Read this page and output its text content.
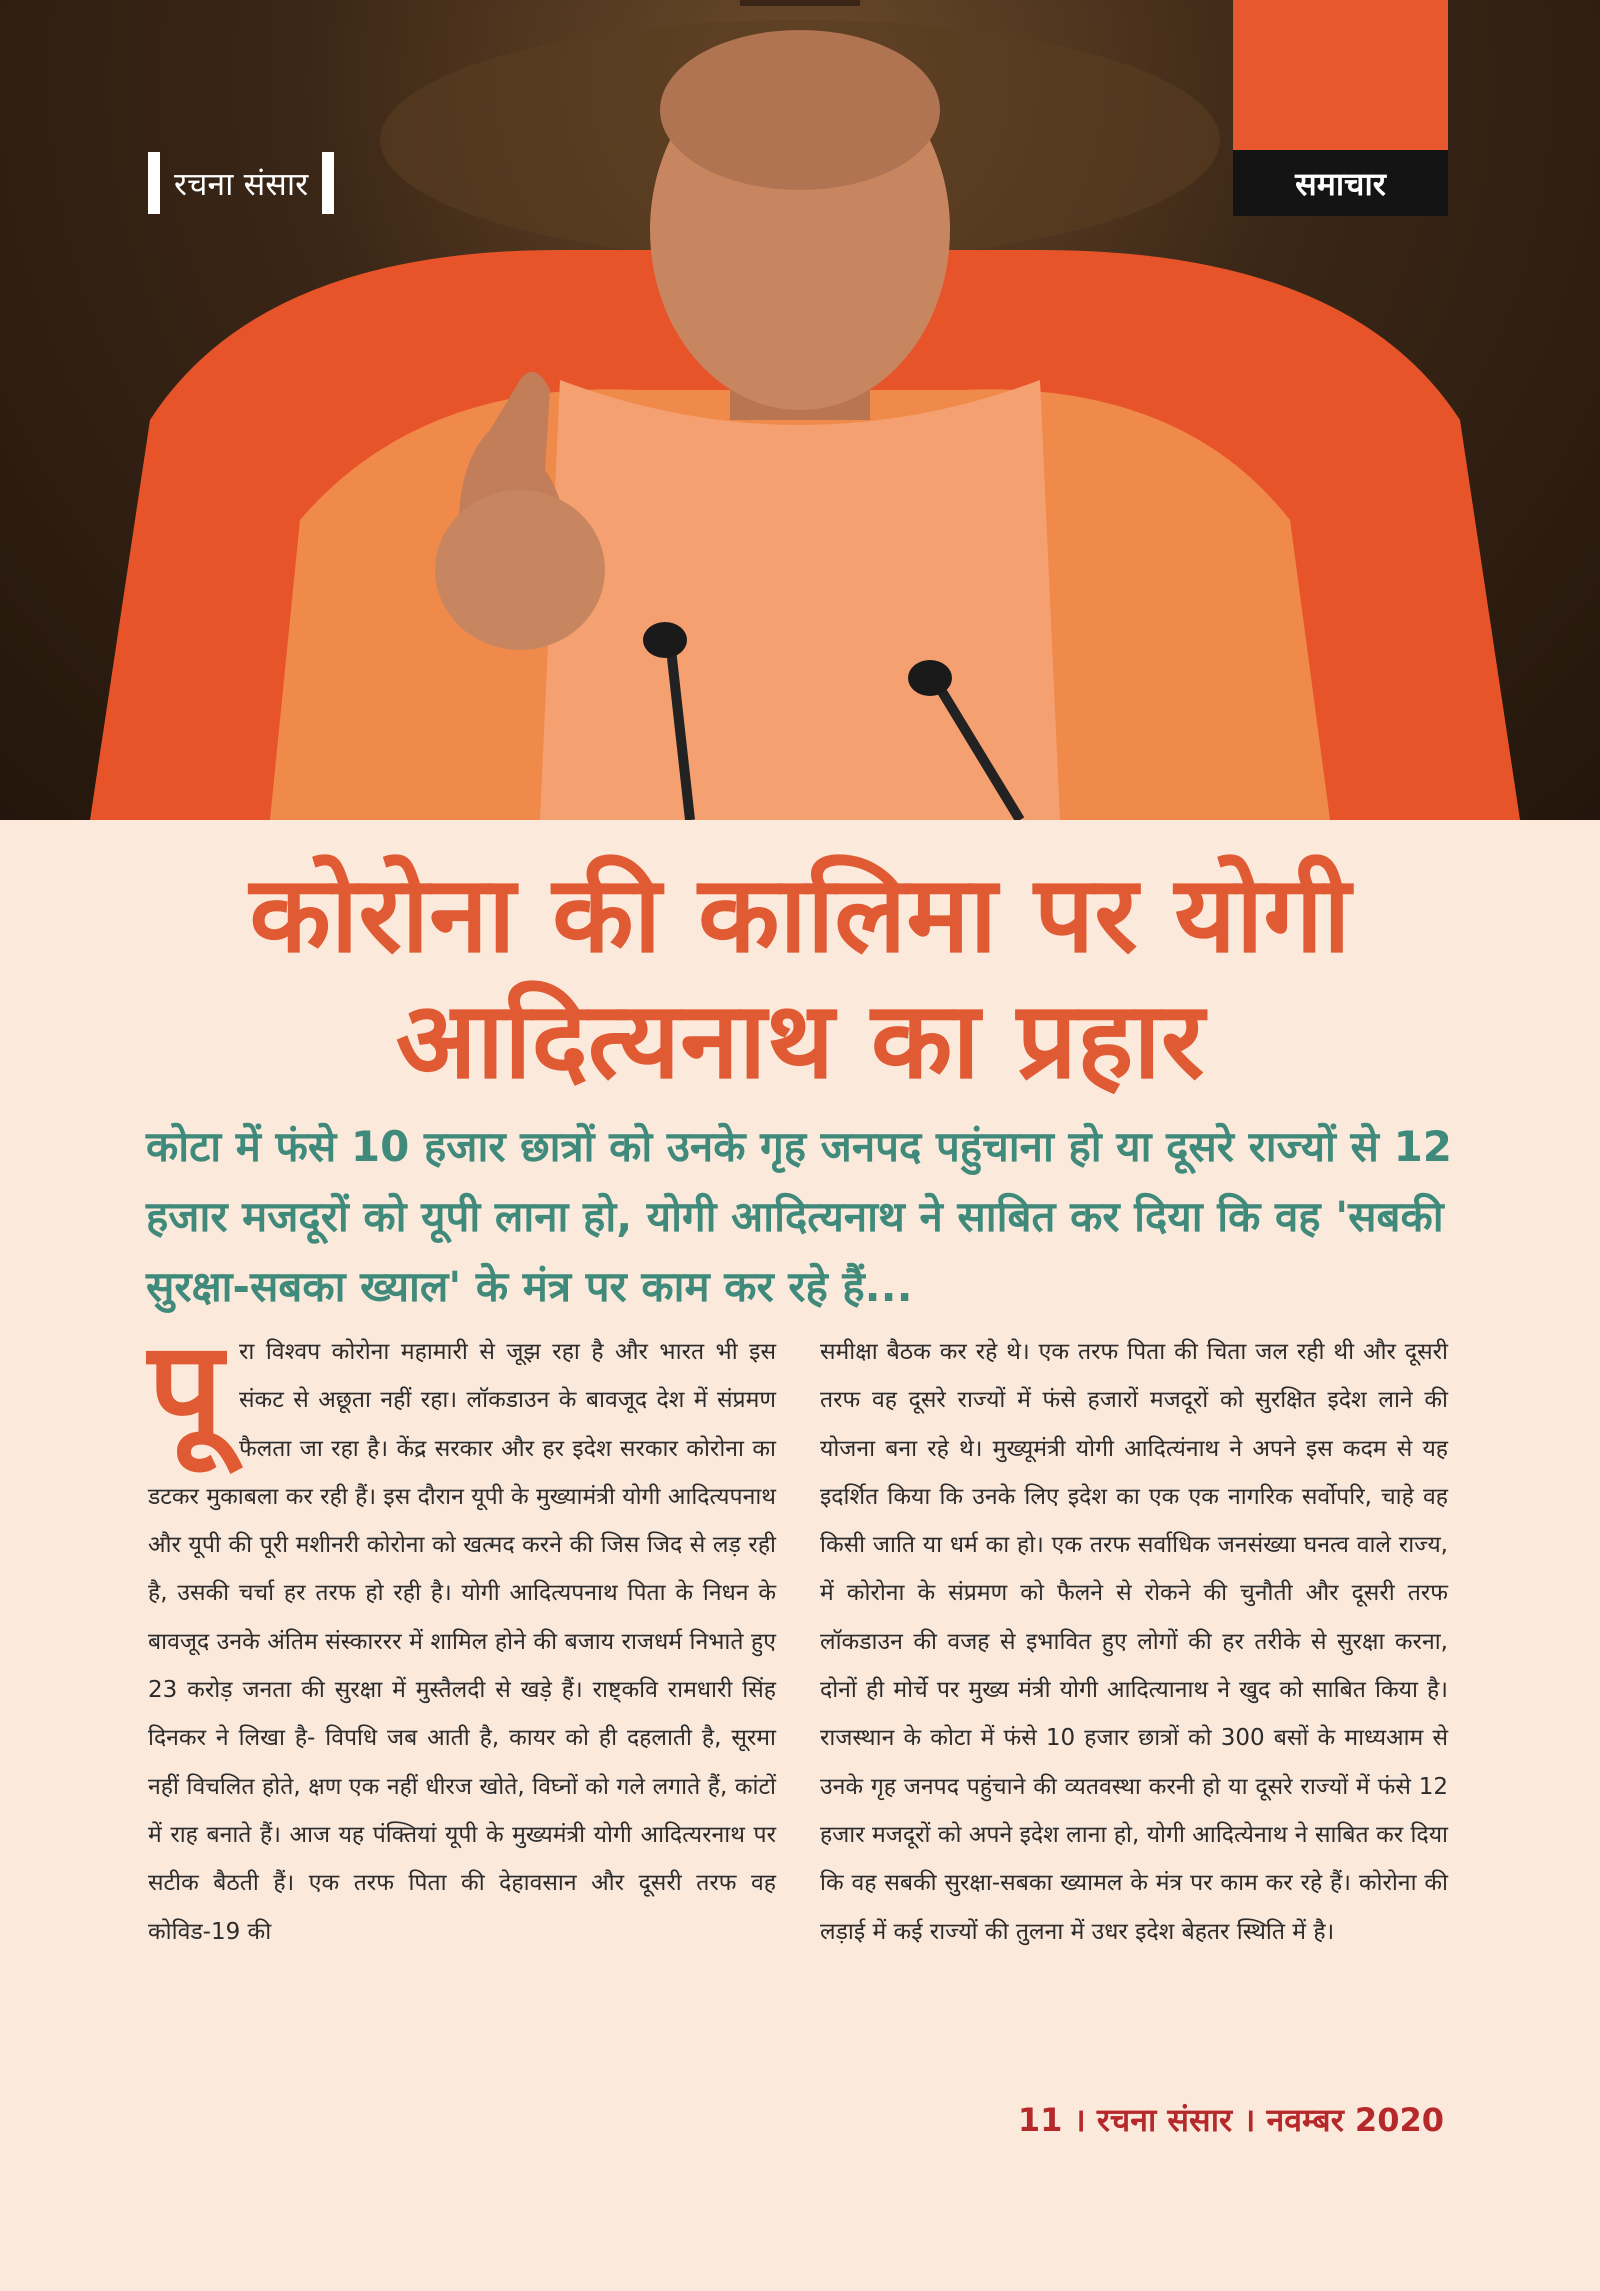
रचना संसार	समाचार
कोरोना की कालिमा पर योगी
आदित्यनाथ का प्रहार

कोटा में फंसे 10 हजार छात्रों को उनके गृह जनपद पहुंचाना हो या दूसरे राज्यों से 12 हजार मजदूरों को यूपी लाना हो, योगी आदित्यनाथ ने साबित कर दिया कि वह 'सबकी सुरक्षा-सबका ख्याल' के मंत्र पर काम कर रहे हैं...

पू रा विश्वप कोरोना महामारी से जूझ रहा है और भारत भी इस संकट से अछूता नहीं रहा। लॉकडाउन के बावजूद देश में संप्रमण फैलता जा रहा है। केंद्र सरकार और हर इदेश सरकार कोरोना का डटकर मुकाबला कर रही हैं। इस दौरान यूपी के मुख्यामंत्री योगी आदित्यपनाथ और यूपी की पूरी मशीनरी कोरोना को खत्मद करने की जिस जिद से लड़ रही है, उसकी चर्चा हर तरफ हो रही है। योगी आदित्यपनाथ पिता के निधन के बावजूद उनके अंतिम संस्काररर में शामिल होने की बजाय राजधर्म निभाते हुए 23 करोड़ जनता की सुरक्षा में मुस्तैलदी से खड़े हैं। राष्ट्कवि रामधारी सिंह दिनकर ने लिखा है- विपधि जब आती है, कायर को ही दहलाती है, सूरमा नहीं विचलित होते, क्षण एक नहीं धीरज खोते, विघ्नों को गले लगाते हैं, कांटों में राह बनाते हैं। आज यह पंक्तियां यूपी के मुख्यमंत्री योगी आदित्यरनाथ पर सटीक बैठती हैं। एक तरफ पिता की देहावसान और दूसरी तरफ वह कोविड-19 की

समीक्षा बैठक कर रहे थे। एक तरफ पिता की चिता जल रही थी और दूसरी तरफ वह दूसरे राज्यों में फंसे हजारों मजदूरों को सुरक्षित इदेश लाने की योजना बना रहे थे। मुख्यूमंत्री योगी आदित्यंनाथ ने अपने इस कदम से यह इदर्शित किया कि उनके लिए इदेश का एक एक नागरिक सर्वोपरि, चाहे वह किसी जाति या धर्म का हो। एक तरफ सर्वाधिक जनसंख्या घनत्व वाले राज्य, में कोरोना के संप्रमण को फैलने से रोकने की चुनौती और दूसरी तरफ लॉकडाउन की वजह से इभावित हुए लोगों की हर तरीके से सुरक्षा करना, दोनों ही मोर्चे पर मुख्य मंत्री योगी आदित्यानाथ ने खुद को साबित किया है। राजस्थान के कोटा में फंसे 10 हजार छात्रों को 300 बसों के माध्यआम से उनके गृह जनपद पहुंचाने की व्यतवस्था करनी हो या दूसरे राज्यों में फंसे 12 हजार मजदूरों को अपने इदेश लाना हो, योगी आदित्येनाथ ने साबित कर दिया कि वह सबकी सुरक्षा-सबका ख्यामल के मंत्र पर काम कर रहे हैं। कोरोना की लड़ाई में कई राज्यों की तुलना में उधर इदेश बेहतर स्थिति में है।

11 । रचना संसार । नवम्बर 2020
